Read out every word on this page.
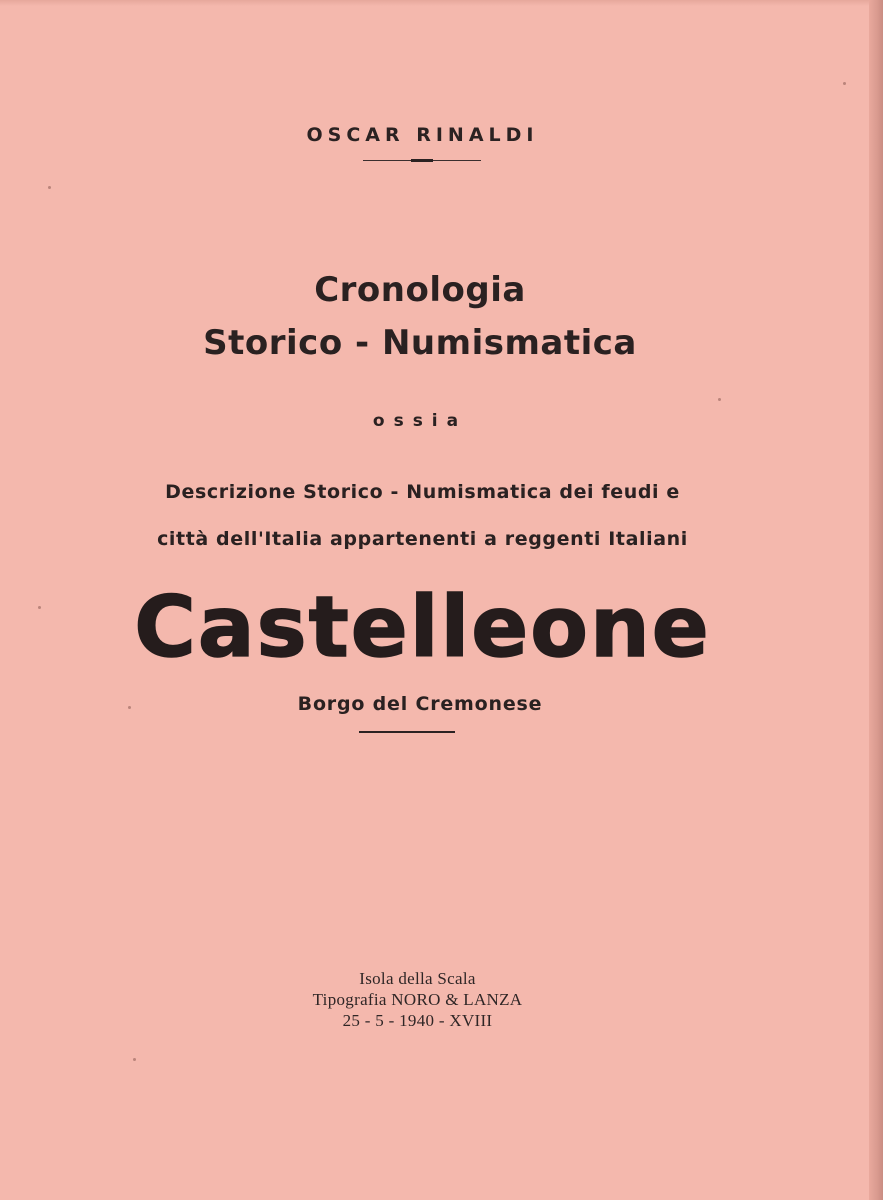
OSCAR RINALDI
Cronologia
Storico - Numismatica
ossia
Descrizione Storico - Numismatica dei feudi e
città dell'Italia appartenenti a reggenti Italiani
Castelleone
Borgo del Cremonese
Isola della Scala
Tipografia NORO & LANZA
25 - 5 - 1940 - XVIII
